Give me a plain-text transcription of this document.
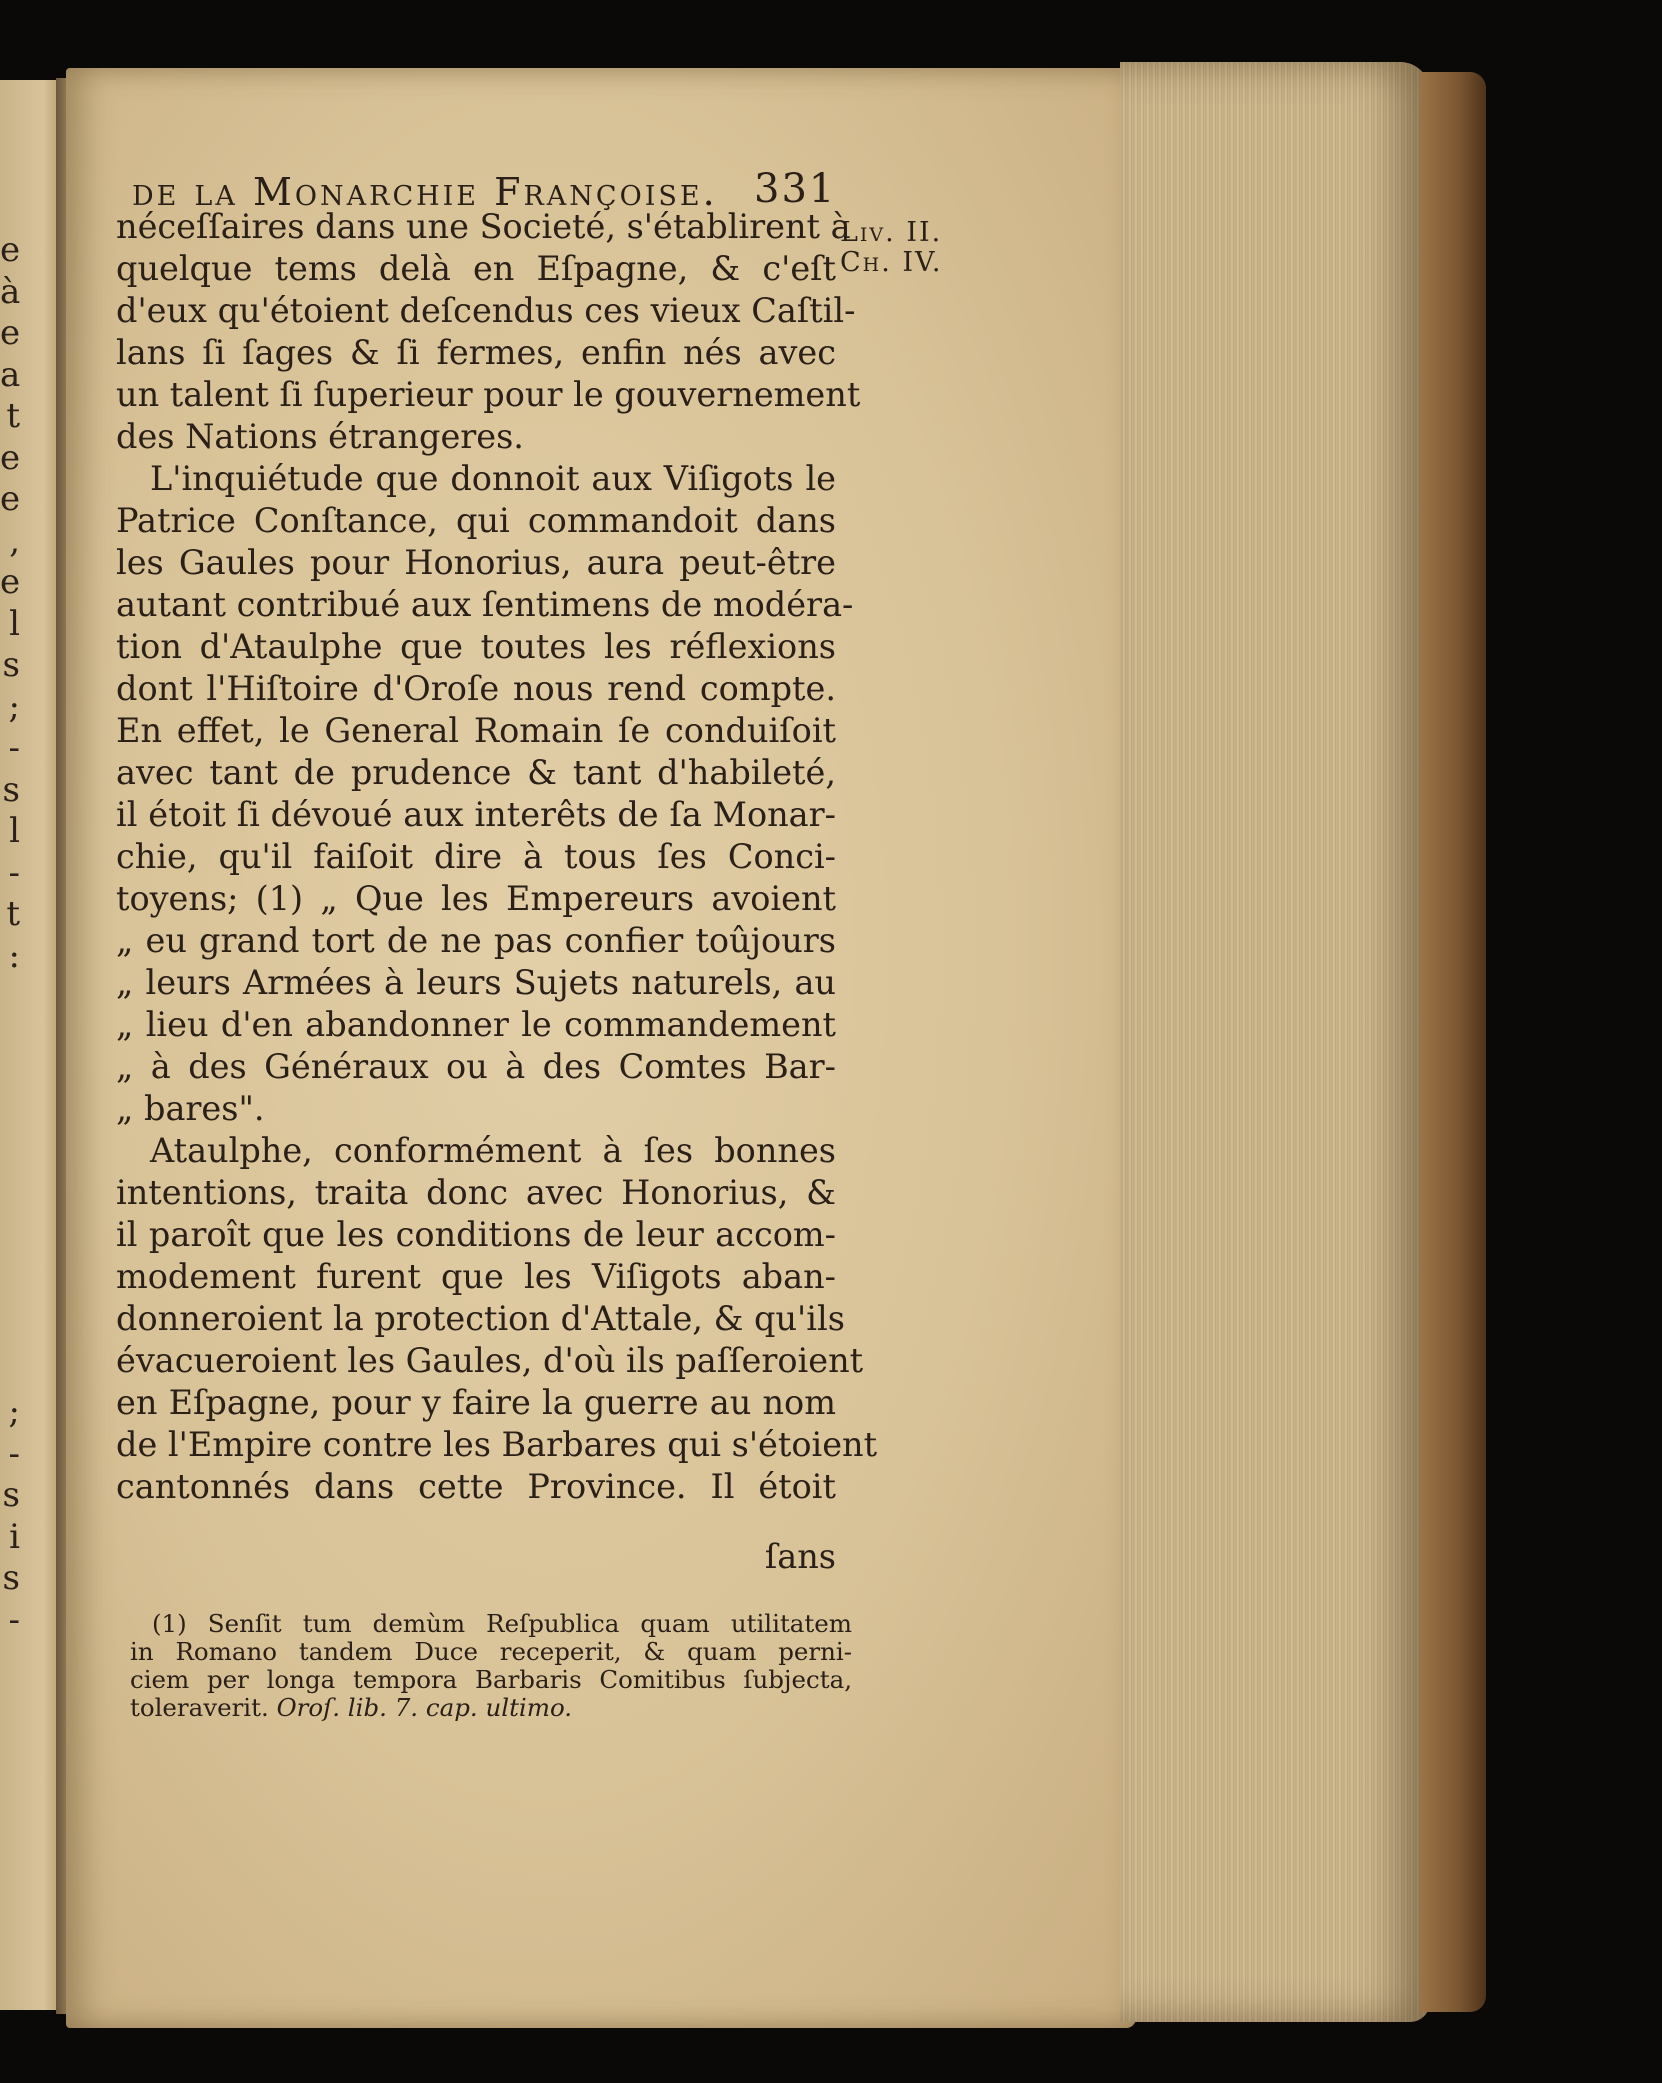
e
à
e
a
t
e
e
,
e
l
s
;
-
s
l
-
t
:
;
-
s
i
s
-
de la Monarchie Françoise. 331
Liv. II.
Ch. IV.
néceſſaires dans une Societé, s'établirent à
quelque tems delà en Eſpagne, & c'eſt
d'eux qu'étoient deſcendus ces vieux Caſtil-
lans ſi ſages & ſi fermes, enfin nés avec
un talent ſi ſuperieur pour le gouvernement
des Nations étrangeres.
L'inquiétude que donnoit aux Viſigots le
Patrice Conſtance, qui commandoit dans
les Gaules pour Honorius, aura peut-être
autant contribué aux ſentimens de modéra-
tion d'Ataulphe que toutes les réflexions
dont l'Hiſtoire d'Oroſe nous rend compte.
En effet, le General Romain ſe conduiſoit
avec tant de prudence & tant d'habileté,
il étoit ſi dévoué aux interêts de ſa Monar-
chie, qu'il faiſoit dire à tous ſes Conci-
toyens; (1) „ Que les Empereurs avoient
„ eu grand tort de ne pas confier toûjours
„ leurs Armées à leurs Sujets naturels, au
„ lieu d'en abandonner le commandement
„ à des Généraux ou à des Comtes Bar-
„ bares".
Ataulphe, conformément à ſes bonnes
intentions, traita donc avec Honorius, &
il paroît que les conditions de leur accom-
modement furent que les Viſigots aban-
donneroient la protection d'Attale, & qu'ils
évacueroient les Gaules, d'où ils paſſeroient
en Eſpagne, pour y faire la guerre au nom
de l'Empire contre les Barbares qui s'étoient
cantonnés dans cette Province. Il étoit
ſans
(1) Senſit tum demùm Reſpublica quam utilitatem
in Romano tandem Duce receperit, & quam perni-
ciem per longa tempora Barbaris Comitibus ſubjecta,
toleraverit. Oroſ. lib. 7. cap. ultimo.
